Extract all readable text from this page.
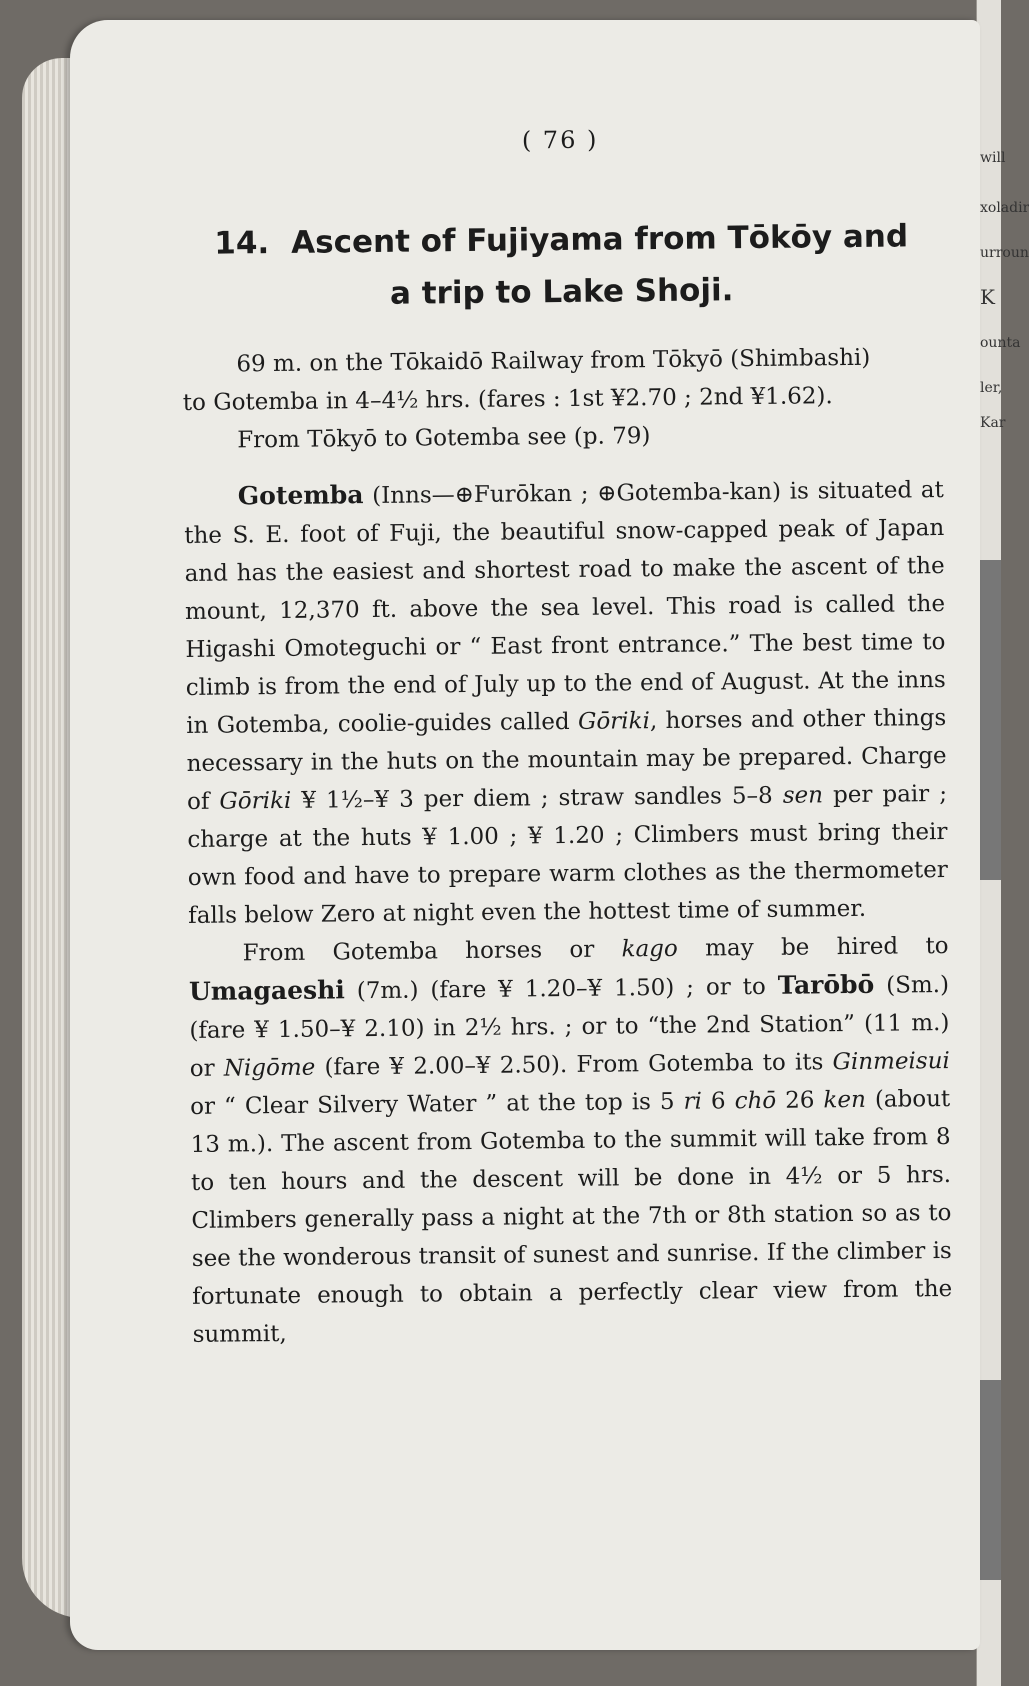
will
xoladir
urroun
K
ounta
ler,
Kar
( 76 )
14. Ascent of Fujiyama from Tōkōy and
a trip to Lake Shoji.

69 m. on the Tōkaidō Railway from Tōkyō (Shimbashi)

to Gotemba in 4–4½ hrs. (fares : 1st ¥2.70 ; 2nd ¥1.62).

From Tōkyō to Gotemba see (p. 79)

Gotemba (Inns—⊕Furōkan ; ⊕Gotemba-kan) is situated at the S. E. foot of Fuji, the beautiful snow-capped peak of Japan and has the easiest and shortest road to make the ascent of the mount, 12,370 ft. above the sea level. This road is called the Higashi Omoteguchi or “ East front entrance.” The best time to climb is from the end of July up to the end of August. At the inns in Gotemba, coolie-guides called Gōriki, horses and other things necessary in the huts on the mountain may be prepared. Charge of Gōriki ¥ 1½–¥ 3 per diem ; straw sandles 5–8 sen per pair ; charge at the huts ¥ 1.00 ; ¥ 1.20 ; Climbers must bring their own food and have to prepare warm clothes as the thermometer falls below Zero at night even the hottest time of summer.

From Gotemba horses or kago may be hired to Umagaeshi (7m.) (fare ¥ 1.20–¥ 1.50) ; or to Tarōbō (Sm.) (fare ¥ 1.50–¥ 2.10) in 2½ hrs. ; or to “the 2nd Station” (11 m.) or Nigōme (fare ¥ 2.00–¥ 2.50). From Gotemba to its Ginmeisui or “ Clear Silvery Water ” at the top is 5 ri 6 chō 26 ken (about 13 m.). The ascent from Gotemba to the summit will take from 8 to ten hours and the descent will be done in 4½ or 5 hrs. Climbers generally pass a night at the 7th or 8th station so as to see the wonderous transit of sunest and sunrise. If the climber is fortunate enough to obtain a perfectly clear view from the summit,
